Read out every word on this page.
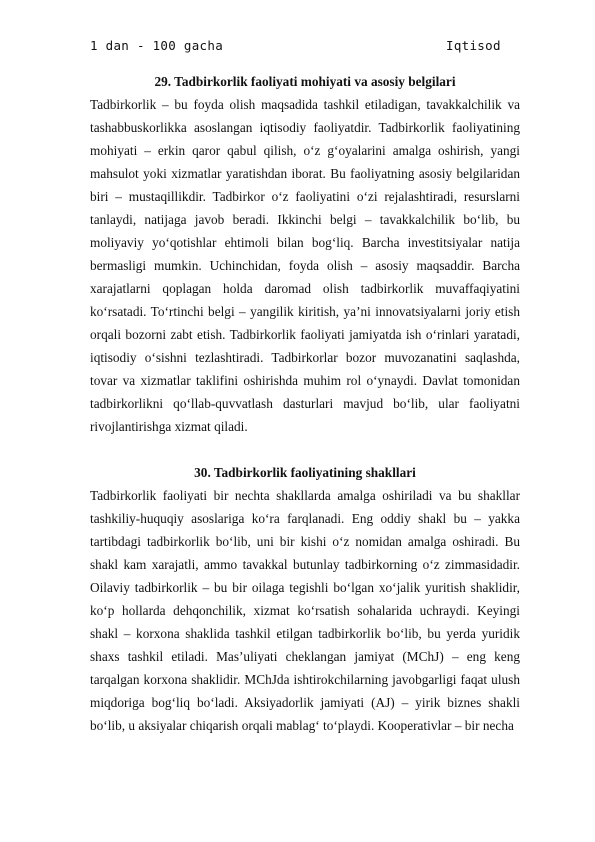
1 dan - 100 gacha	Iqtisod

29. Tadbirkorlik faoliyati mohiyati va asosiy belgilari

Tadbirkorlik – bu foyda olish maqsadida tashkil etiladigan, tavakkalchilik va tashabbuskorlikka asoslangan iqtisodiy faoliyatdir. Tadbirkorlik faoliyatining mohiyati – erkin qaror qabul qilish, o‘z g‘oyalarini amalga oshirish, yangi mahsulot yoki xizmatlar yaratishdan iborat. Bu faoliyatning asosiy belgilaridan biri – mustaqillikdir. Tadbirkor o‘z faoliyatini o‘zi rejalashtiradi, resurslarni tanlaydi, natijaga javob beradi. Ikkinchi belgi – tavakkalchilik bo‘lib, bu moliyaviy yo‘qotishlar ehtimoli bilan bog‘liq. Barcha investitsiyalar natija bermasligi mumkin. Uchinchidan, foyda olish – asosiy maqsaddir. Barcha xarajatlarni qoplagan holda daromad olish tadbirkorlik muvaffaqiyatini ko‘rsatadi. To‘rtinchi belgi – yangilik kiritish, ya’ni innovatsiyalarni joriy etish orqali bozorni zabt etish. Tadbirkorlik faoliyati jamiyatda ish o‘rinlari yaratadi, iqtisodiy o‘sishni tezlashtiradi. Tadbirkorlar bozor muvozanatini saqlashda, tovar va xizmatlar taklifini oshirishda muhim rol o‘ynaydi. Davlat tomonidan tadbirkorlikni qo‘llab-quvvatlash dasturlari mavjud bo‘lib, ular faoliyatni rivojlantirishga xizmat qiladi.

30. Tadbirkorlik faoliyatining shakllari

Tadbirkorlik faoliyati bir nechta shakllarda amalga oshiriladi va bu shakllar tashkiliy-huquqiy asoslariga ko‘ra farqlanadi. Eng oddiy shakl bu – yakka tartibdagi tadbirkorlik bo‘lib, uni bir kishi o‘z nomidan amalga oshiradi. Bu shakl kam xarajatli, ammo tavakkal butunlay tadbirkorning o‘z zimmasidadir. Oilaviy tadbirkorlik – bu bir oilaga tegishli bo‘lgan xo‘jalik yuritish shaklidir, ko‘p hollarda dehqonchilik, xizmat ko‘rsatish sohalarida uchraydi. Keyingi shakl – korxona shaklida tashkil etilgan tadbirkorlik bo‘lib, bu yerda yuridik shaxs tashkil etiladi. Mas’uliyati cheklangan jamiyat (MChJ) – eng keng tarqalgan korxona shaklidir. MChJda ishtirokchilarning javobgarligi faqat ulush miqdoriga bog‘liq bo‘ladi. Aksiyadorlik jamiyati (AJ) – yirik biznes shakli bo‘lib, u aksiyalar chiqarish orqali mablag‘ to‘playdi. Kooperativlar – bir necha
